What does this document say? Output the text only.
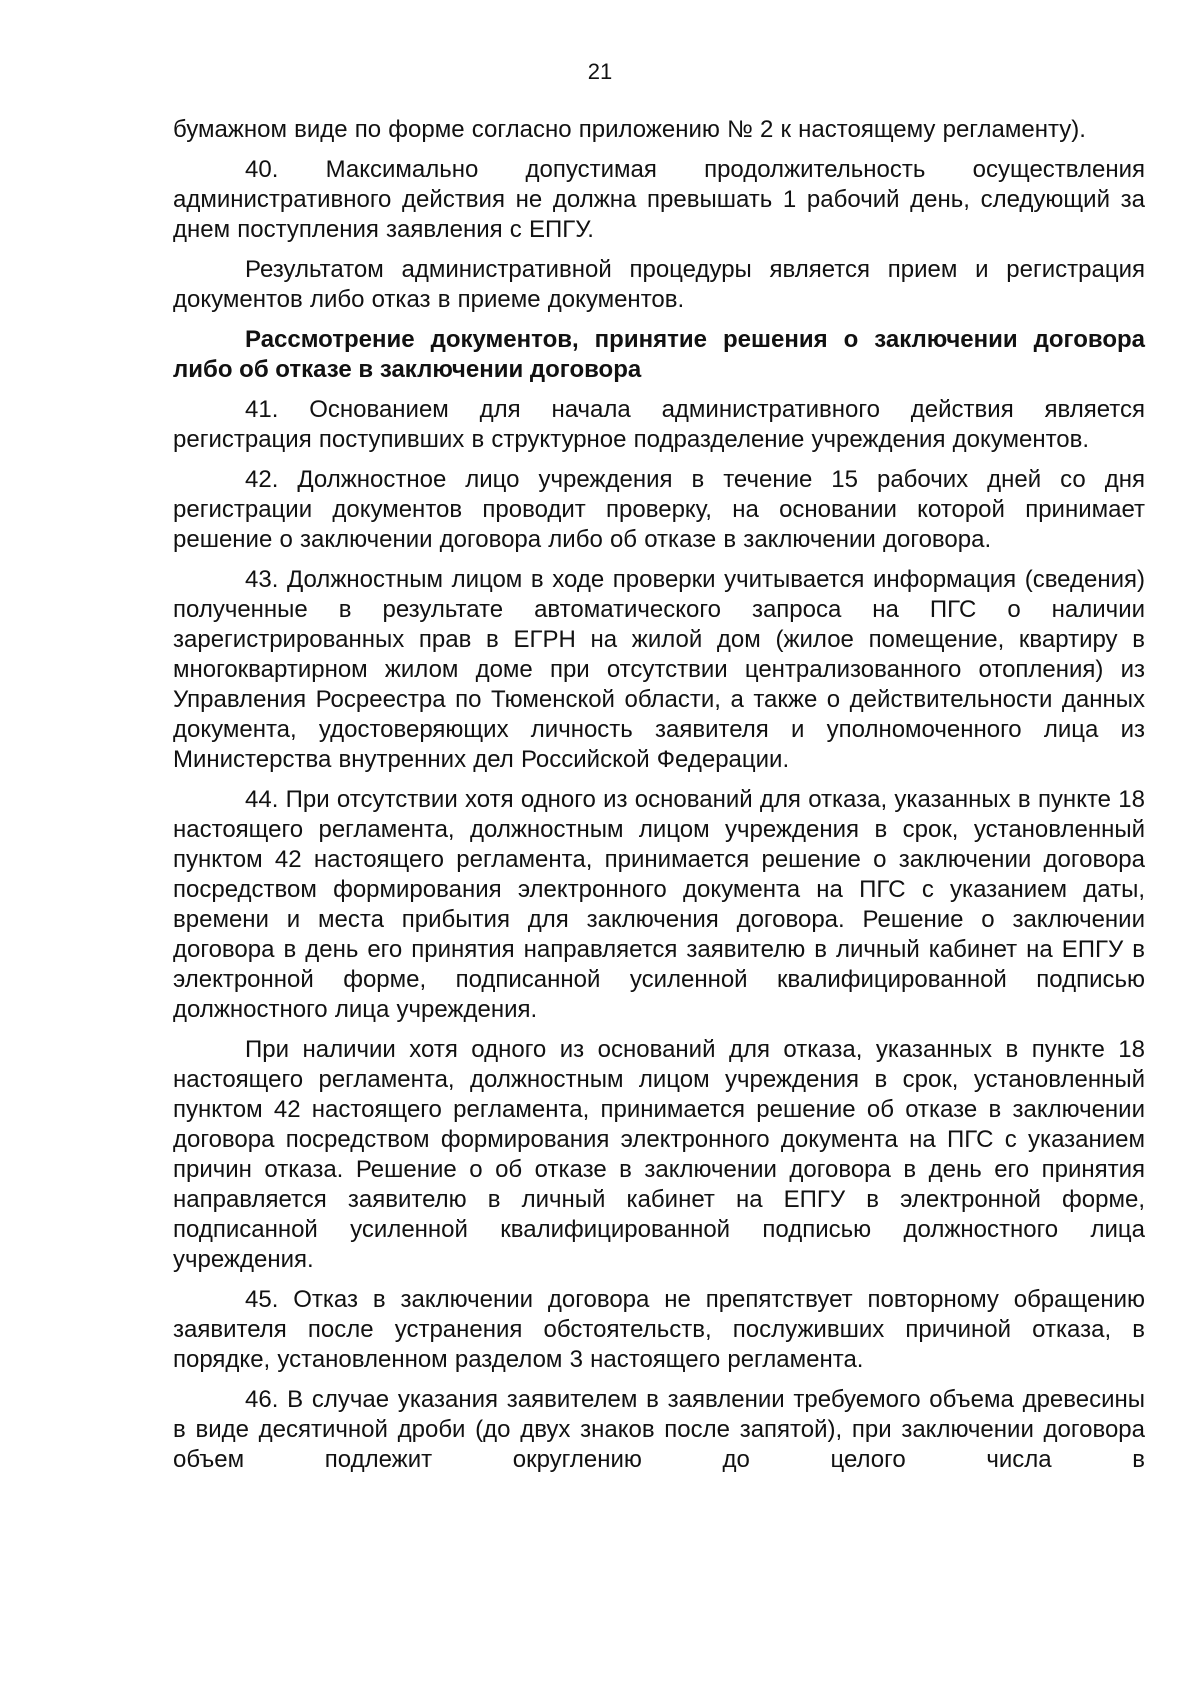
21

бумажном виде по форме согласно приложению № 2 к настоящему регламенту).

40. Максимально допустимая продолжительность осуществления административного действия не должна превышать 1 рабочий день, следующий за днем поступления заявления с ЕПГУ.

Результатом административной процедуры является прием и регистрация документов либо отказ в приеме документов.

Рассмотрение документов, принятие решения о заключении договора либо об отказе в заключении договора

41. Основанием для начала административного действия является регистрация поступивших в структурное подразделение учреждения документов.

42. Должностное лицо учреждения в течение 15 рабочих дней со дня регистрации документов проводит проверку, на основании которой принимает решение о заключении договора либо об отказе в заключении договора.

43. Должностным лицом в ходе проверки учитывается информация (сведения) полученные в результате автоматического запроса на ПГС о наличии зарегистрированных прав в ЕГРН на жилой дом (жилое помещение, квартиру в многоквартирном жилом доме при отсутствии централизованного отопления) из Управления Росреестра по Тюменской области, а также о действительности данных документа, удостоверяющих личность заявителя и уполномоченного лица из Министерства внутренних дел Российской Федерации.

44. При отсутствии хотя одного из оснований для отказа, указанных в пункте 18 настоящего регламента, должностным лицом учреждения в срок, установленный пунктом 42 настоящего регламента, принимается решение о заключении договора посредством формирования электронного документа на ПГС с указанием даты, времени и места прибытия для заключения договора. Решение о заключении договора в день его принятия направляется заявителю в личный кабинет на ЕПГУ в электронной форме, подписанной усиленной квалифицированной подписью должностного лица учреждения.

При наличии хотя одного из оснований для отказа, указанных в пункте 18 настоящего регламента, должностным лицом учреждения в срок, установленный пунктом 42 настоящего регламента, принимается решение об отказе в заключении договора посредством формирования электронного документа на ПГС с указанием причин отказа. Решение о об отказе в заключении договора в день его принятия направляется заявителю в личный кабинет на ЕПГУ в электронной форме, подписанной усиленной квалифицированной подписью должностного лица учреждения.

45. Отказ в заключении договора не препятствует повторному обращению заявителя после устранения обстоятельств, послуживших причиной отказа, в порядке, установленном разделом 3 настоящего регламента.

46. В случае указания заявителем в заявлении требуемого объема древесины в виде десятичной дроби (до двух знаков после запятой), при заключении договора объем подлежит округлению до целого числа в
